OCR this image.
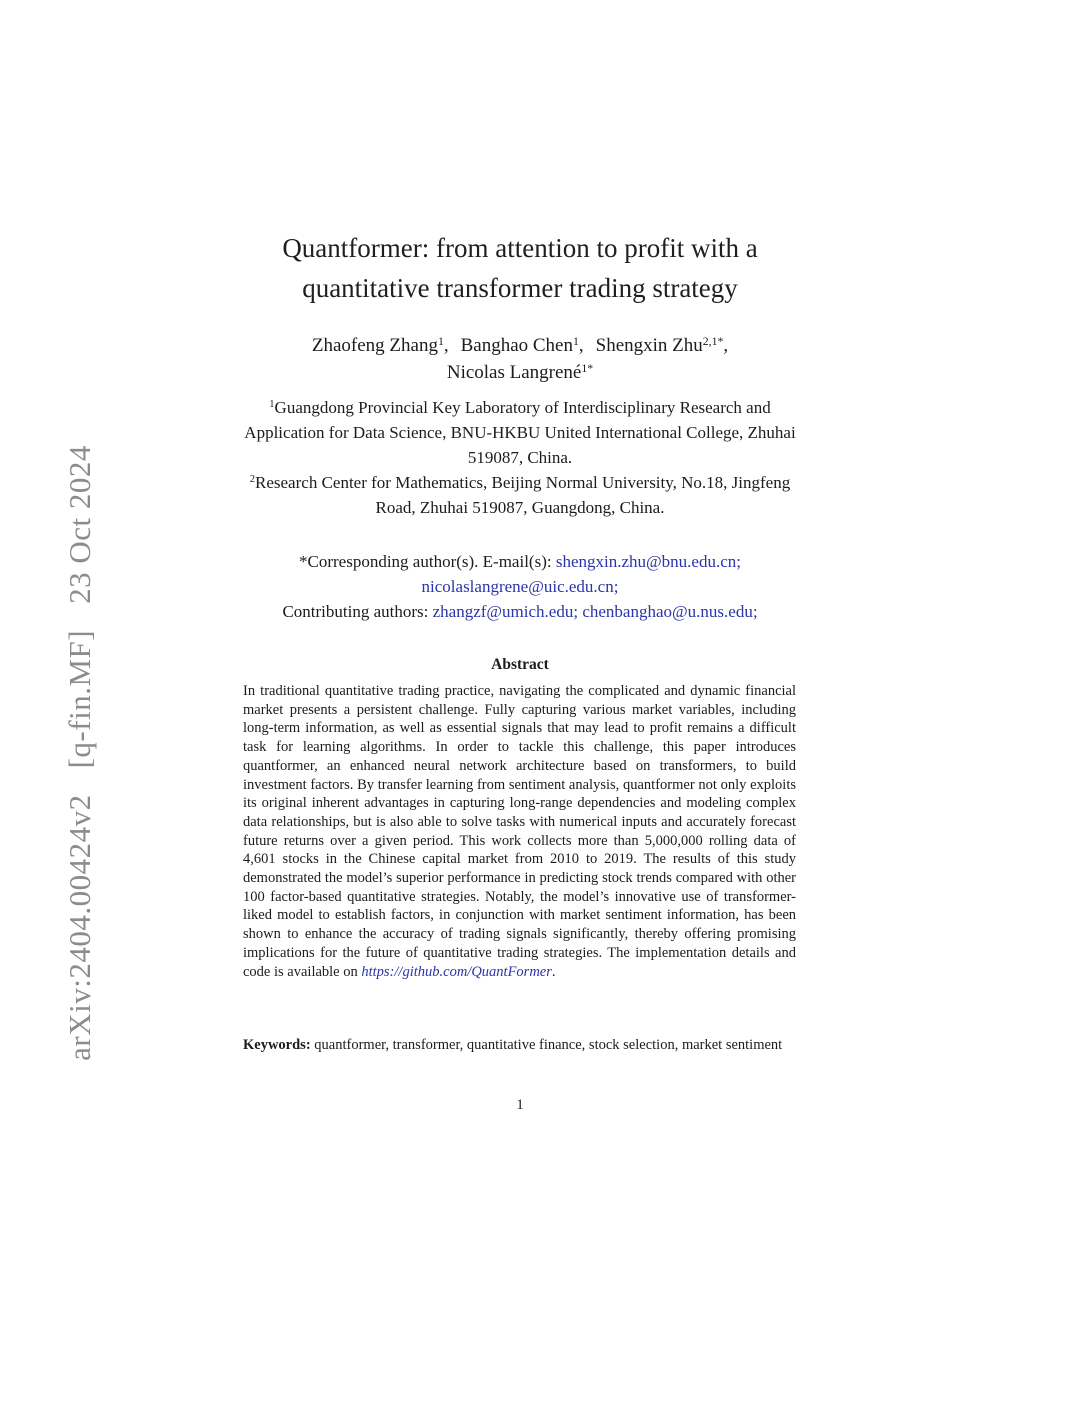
arXiv:2404.00424v2[q-fin.MF]23 Oct 2024
Quantformer: from attention to profit with a
quantitative transformer trading strategy
Zhaofeng Zhang$^1$, Banghao Chen$^1$, Shengxin Zhu$^{2,1*}$,
Nicolas Langrené$^{1*}$

$^1$Guangdong Provincial Key Laboratory of Interdisciplinary Research and Application for Data Science, BNU-HKBU United International College, Zhuhai 519087, China.

$^2$Research Center for Mathematics, Beijing Normal University, No.18, Jingfeng Road, Zhuhai 519087, Guangdong, China.

*Corresponding author(s). E-mail(s): shengxin.zhu@bnu.edu.cn;
nicolaslangrene@uic.edu.cn;
Contributing authors: zhangzf@umich.edu; chenbanghao@u.nus.edu;
Abstract
In traditional quantitative trading practice, navigating the complicated and dynamic financial market presents a persistent challenge. Fully capturing various market variables, including long-term information, as well as essential signals that may lead to profit remains a difficult task for learning algorithms. In order to tackle this challenge, this paper introduces quantformer, an enhanced neural network architecture based on transformers, to build investment factors. By transfer learning from sentiment analysis, quantformer not only exploits its original inherent advantages in capturing long-range dependencies and modeling complex data relationships, but is also able to solve tasks with numerical inputs and accurately forecast future returns over a given period. This work collects more than 5,000,000 rolling data of 4,601 stocks in the Chinese capital market from 2010 to 2019. The results of this study demonstrated the model’s superior performance in predicting stock trends compared with other 100 factor-based quantitative strategies. Notably, the model’s innovative use of transformer-liked model to establish factors, in conjunction with market sentiment information, has been shown to enhance the accuracy of trading signals significantly, thereby offering promising implications for the future of quantitative trading strategies. The implementation details and code is available on https://github.com/QuantFormer.
Keywords: quantformer, transformer, quantitative finance, stock selection, market sentiment
1
